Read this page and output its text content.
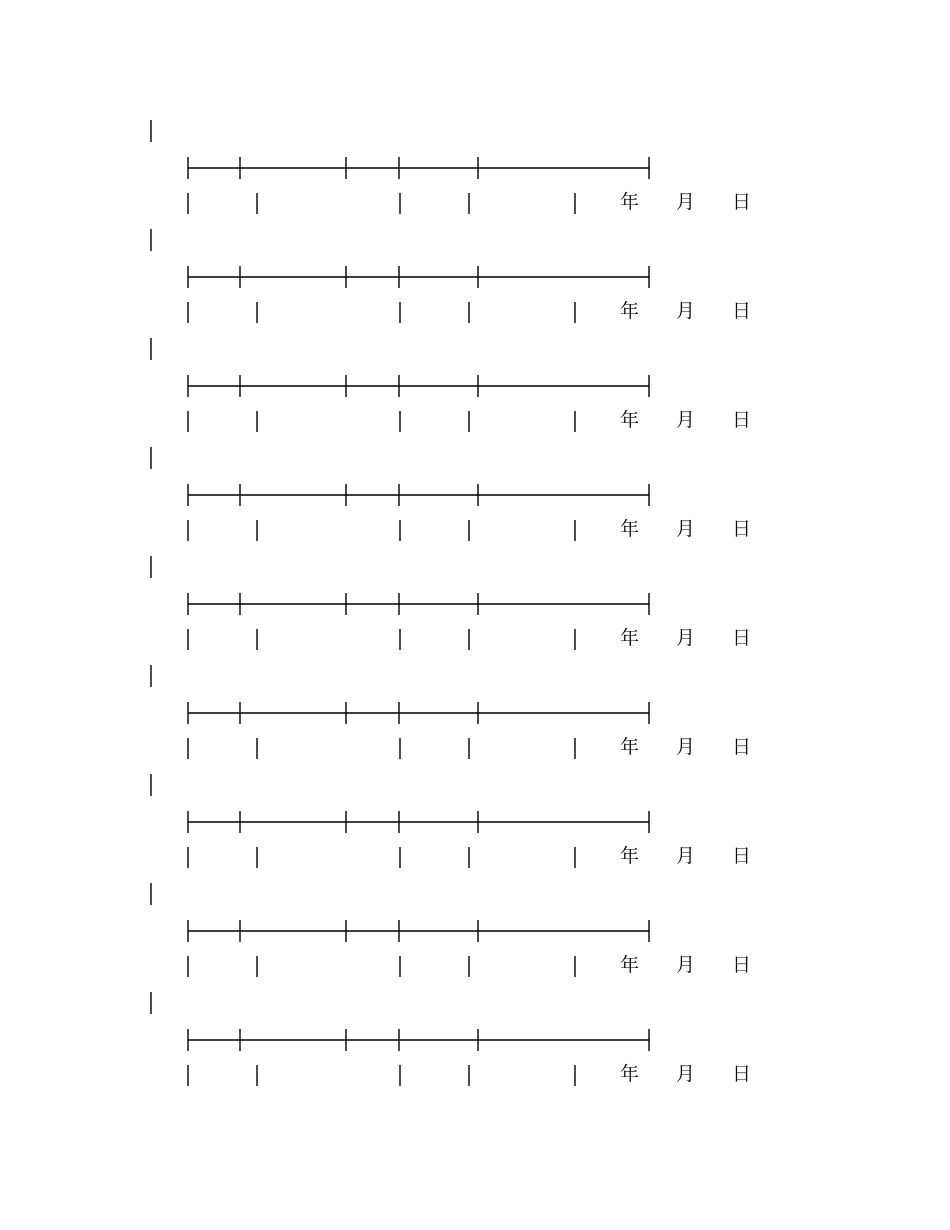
年 月 日
年 月 日
年 月 日
年 月 日
年 月 日
年 月 日
年 月 日
年 月 日
年 月 日
